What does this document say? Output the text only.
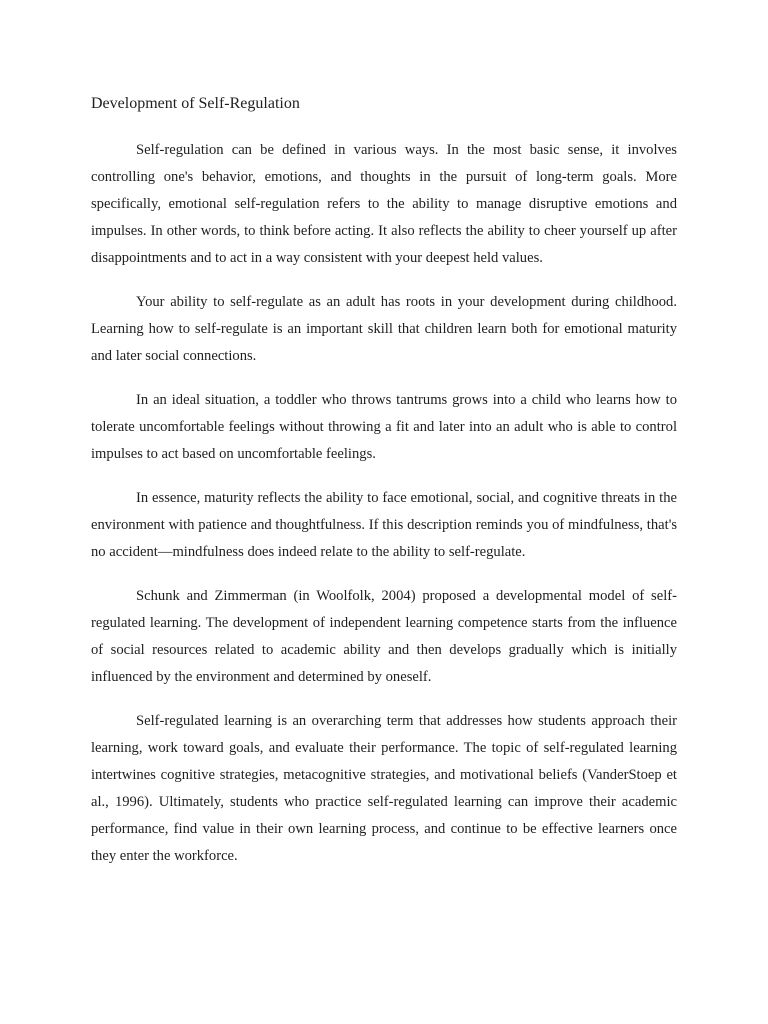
Development of Self-Regulation

Self-regulation can be defined in various ways. In the most basic sense, it involves controlling one's behavior, emotions, and thoughts in the pursuit of long-term goals. More specifically, emotional self-regulation refers to the ability to manage disruptive emotions and impulses. In other words, to think before acting. It also reflects the ability to cheer yourself up after disappointments and to act in a way consistent with your deepest held values.

Your ability to self-regulate as an adult has roots in your development during childhood. Learning how to self-regulate is an important skill that children learn both for emotional maturity and later social connections.

In an ideal situation, a toddler who throws tantrums grows into a child who learns how to tolerate uncomfortable feelings without throwing a fit and later into an adult who is able to control impulses to act based on uncomfortable feelings.

In essence, maturity reflects the ability to face emotional, social, and cognitive threats in the environment with patience and thoughtfulness. If this description reminds you of mindfulness, that's no accident—mindfulness does indeed relate to the ability to self-regulate.

Schunk and Zimmerman (in Woolfolk, 2004) proposed a developmental model of self-regulated learning. The development of independent learning competence starts from the influence of social resources related to academic ability and then develops gradually which is initially influenced by the environment and determined by oneself.

Self-regulated learning is an overarching term that addresses how students approach their learning, work toward goals, and evaluate their performance. The topic of self-regulated learning intertwines cognitive strategies, metacognitive strategies, and motivational beliefs (VanderStoep et al., 1996). Ultimately, students who practice self-regulated learning can improve their academic performance, find value in their own learning process, and continue to be effective learners once they enter the workforce.
